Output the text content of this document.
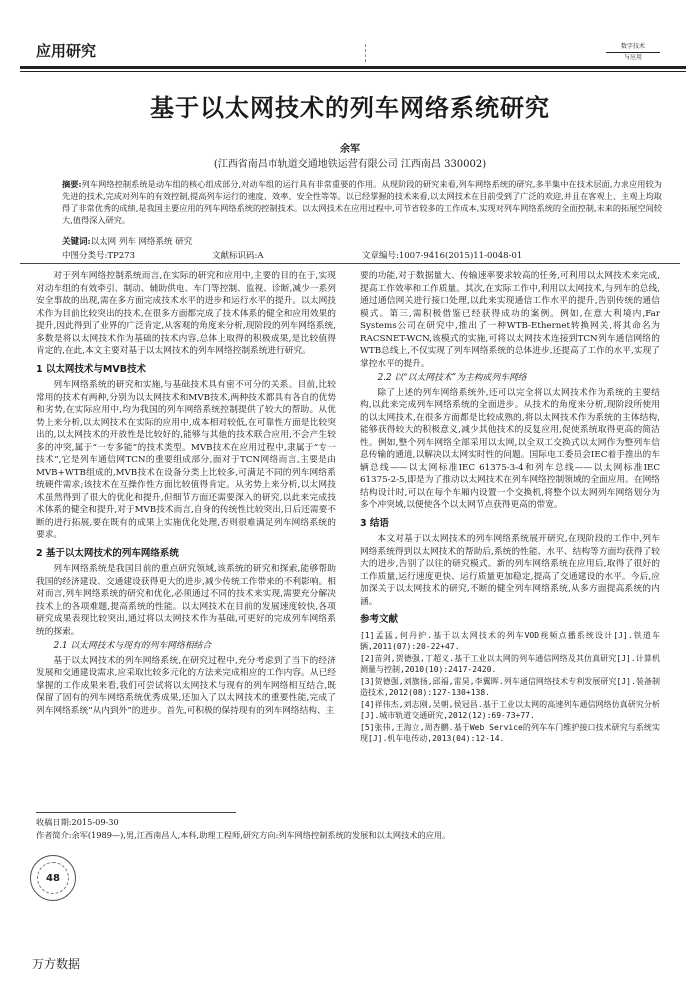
应用研究	数字技术
与应用
基于以太网技术的列车网络系统研究
余军
(江西省南昌市轨道交通地铁运营有限公司 江西南昌 330002)
摘要:列车网络控制系统是动车组的核心组成部分,对动车组的运行具有非常重要的作用。从现阶段的研究来看,列车网络系统的研究,多半集中在技术层面,力求应用较为先进的技术,完成对列车的有效控制,提高列车运行的速度、效率、安全性等等。以已经掌握的技术来看,以太网技术在目前受到了广泛的欢迎,并且在客观上、主观上均取得了非常优秀的成绩,是我国主要应用的列车网络系统的控制技术。以太网技术在应用过程中,可节省较多的工作成本,实现对列车网络系统的全面控制,未来的拓展空间较大,值得深入研究。
关键词:以太网 列车 网络系统 研究
中图分类号:TP273	文献标识码:A	文章编号:1007-9416(2015)11-0048-01

对于列车网络控制系统而言,在实际的研究和应用中,主要的目的在于,实现对动车组的有效牵引、制动、辅助供电、车门等控制、监视、诊断,减少一系列安全事故的出现,需在多方面完成技术水平的进步和运行水平的提升。以太网技术作为目前比较突出的技术,在很多方面都完成了技术体系的健全和应用效果的提升,因此得到了业界的广泛肯定,从客观的角度来分析,现阶段的列车网络系统,多数是将以太网技术作为基础的技术内容,总体上取得的积极成果,是比较值得肯定的,在此,本文主要对基于以太网技术的列车网络控制系统进行研究。

1 以太网技术与MVB技术

列车网络系统的研究和实施,与基础技术具有密不可分的关系。目前,比较常用的技术有两种,分别为以太网技术和MVB技术,两种技术都具有各自的优势和劣势,在实际应用中,均为我国的列车网络系统控制提供了较大的帮助。从优势上来分析,以太网技术在实际的应用中,成本相对较低,在可靠性方面是比较突出的,以太网技术的开放性是比较好的,能够与其他的技术联合应用,不会产生较多的冲突,属于“一专多能”的技术类型。MVB技术在应用过程中,隶属于“专一技术”,它是列车通信网TCN的重要组成部分,面对于TCN网络而言,主要是由MVB+WTB组成的,MVB技术在设备分类上比较多,可满足不同的列车网络系统硬件需求;该技术在互操作性方面比较值得肯定。从劣势上来分析,以太网技术虽然得到了很大的优化和提升,但细节方面还需要深入的研究,以此来完成技术体系的健全和提升,对于MVB技术而言,自身的传统性比较突出,日后还需要不断的进行拓展,要在既有的成果上实施优化处理,否则很难满足列车网络系统的要求。

2 基于以太网技术的列车网络系统

列车网络系统是我国目前的重点研究领域,该系统的研究和探索,能够帮助我国的经济建设、交通建设获得更大的进步,减少传统工作带来的不利影响。相对而言,列车网络系统的研究和优化,必须通过不同的技术来实现,需要充分解决技术上的各项难题,提高系统的性能。以太网技术在目前的发展速度较快,各项研究成果表现比较突出,通过将以太网技术作为基础,可更好的完成列车网络系统的探索。

2.1 以太网技术与现有的列车网络相结合

基于以太网技术的列车网络系统,在研究过程中,充分考虑到了当下的经济发展和交通建设需求,应采取比较多元化的方法来完成相应的工作内容。从已经掌握的工作成果来看,我们可尝试将以太网技术与现有的列车网络相互结合,既保留了固有的列车网络系统优秀成果,还加入了以太网技术的重要性能,完成了列车网络系统“从内到外”的进步。首先,可积极的保持现有的列车网络结构、主

要的功能,对于数据量大、传输速率要求较高的任务,可利用以太网技术来完成,提高工作效率和工作质量。其次,在实际工作中,利用以太网技术,与列车的总线,通过通信网关进行接口处理,以此来实现通信工作水平的提升,告别传统的通信模式。第三,需积极借鉴已经获得成功的案例。例如,在意大利境内,Far Systems公司在研究中,推出了一种WTB-Ethernet转换网关,将其命名为RACSNET-WCN,该模式的实施,可将以太网技术连接到TCN列车通信网络的WTB总线上,不仅实现了列车网络系统的总体进步,还提高了工作的水平,实现了掌控水平的提升。

2.2 以“以太网技术”为主构成列车网络

除了上述的列车网络系统外,还可以完全将以太网技术作为系统的主要结构,以此来完成列车网络系统的全面进步。从技术的角度来分析,现阶段所使用的以太网技术,在很多方面都是比较成熟的,将以太网技术作为系统的主体结构,能够获得较大的积极意义,减少其他技术的反复应用,促使系统取得更高的简洁性。例如,整个列车网络全部采用以太网,以全双工交换式以太网作为整列车信息传输的通道,以解决以太网实时性的问题。国际电工委员会IEC着手推出的车辆总线——以太网标准IEC 61375-3-4和列车总线——以太网标准IEC 61375-2-5,即是为了推动以太网技术在列车网络控制领域的全面应用。在网络结构设计时,可以在每个车厢内设置一个交换机,将整个以太网列车网络划分为多个冲突域,以便使各个以太网节点获得更高的带宽。

3 结语

本文对基于以太网技术的列车网络系统展开研究,在现阶段的工作中,列车网络系统得到以太网技术的帮助后,系统的性能、水平、结构等方面均获得了较大的进步,告别了以往的研究模式。新的列车网络系统在应用后,取得了很好的工作质量,运行速度更快、运行质量更加稳定,提高了交通建设的水平。今后,应加深关于以太网技术的研究,不断的健全列车网络系统,从多方面提高系统的内涵。

参考文献
[1]孟猛,何丹护.基于以太网技术的列车VOD视频点播系统设计[J].铁道车辆,2011(07):20-22+47.
[2]苗剑,贺德强,丁超义.基于工业以太网的列车通信网络及其仿真研究[J].计算机测量与控制,2010(10):2417-2420.
[3]贺德强,刘旗扬,邱福,雷昊,李翼晖.列车通信网络技术专利发展研究[J].装备制造技术,2012(08):127-130+138.
[4]祥伟杰,刘志刚,吴朝,侯冠昌.基于工业以太网的高速列车通信网络仿真研究分析[J].城市轨道交通研究,2012(12):69-73+77.
[5]张伟,王海立,周杏鹏.基于Web Service的列车车门维护接口技术研究与系统实现[J].机车电传动,2013(04):12-14.
收稿日期:2015-09-30
作者简介:余军(1989—),男,江西南昌人,本科,助理工程师,研究方向:列车网络控制系统的发展和以太网技术的应用。
48
万方数据
